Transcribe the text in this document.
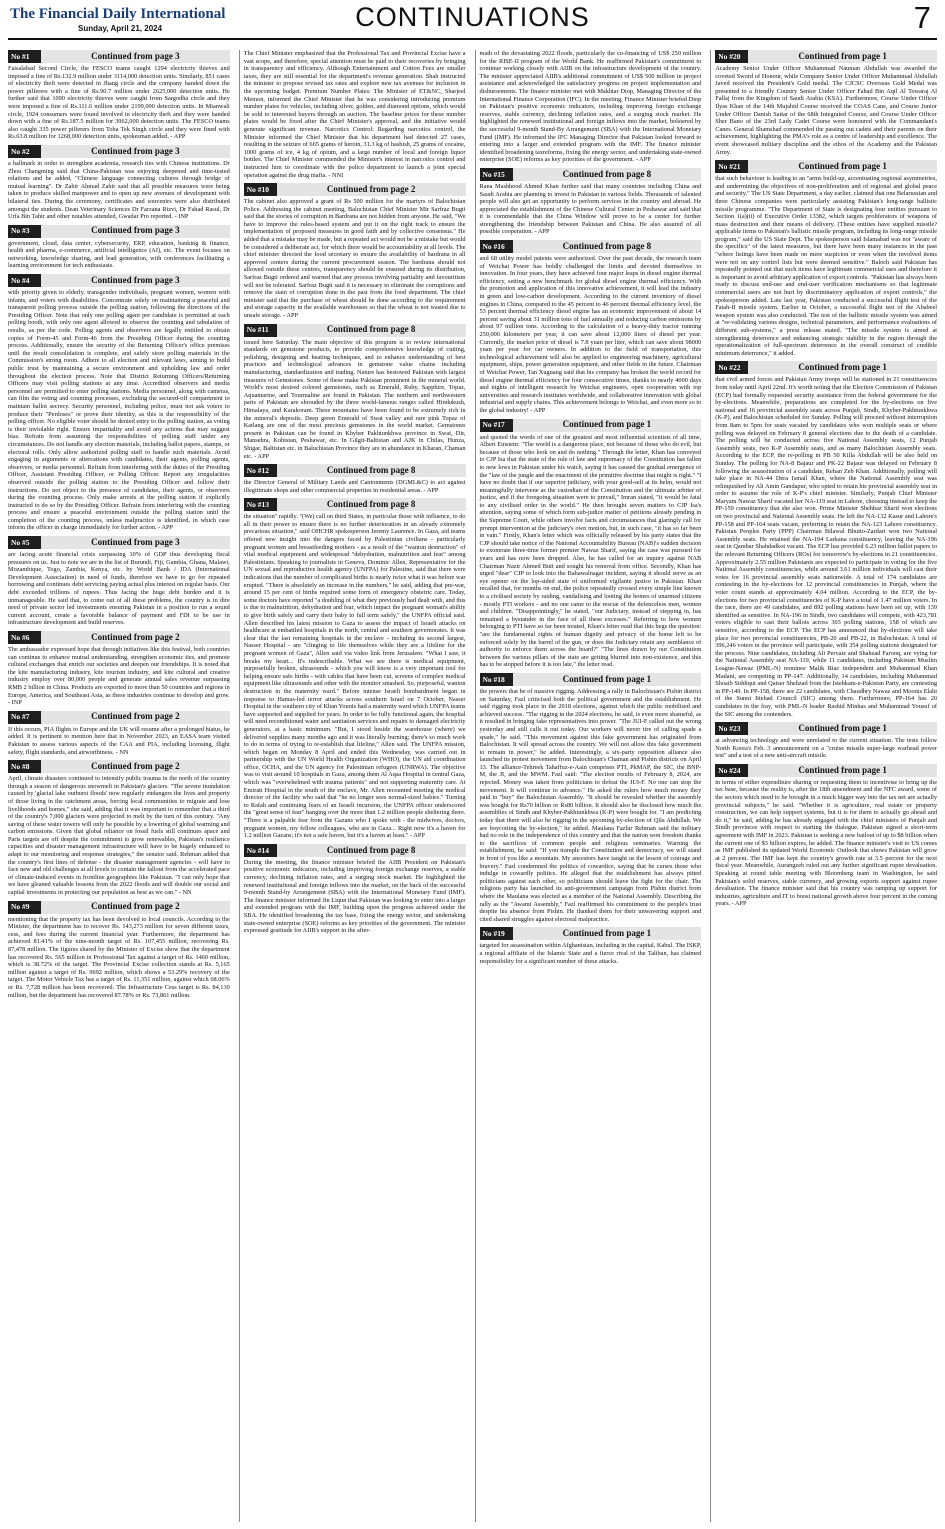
The Financial Daily International
Sunday, April 21, 2024	CONTINUATIONS	7
No #1	Continued from page 3

Faisalabad Second Circle, the FESCO teams caught 1294 electricity thieves and imposed a fine of Rs.132.9 million under 3114,000 detection units. Similarly, 851 cases of electricity theft were detected in Jhang circle and the company handed down the power pilferers with a fine of Rs.90.7 million under 2625,000 detection units. He further said that 1090 electricity thieves were caught from Sargodha circle and they were imposed a fine of Rs.111.6 million under 2199,000 detection units. In Mianwali circle, 1924 consumers were found involved in electricity theft and they were handed down with a fine of Rs.187.5 million for 3962,000 detection units. The FESCO teams also caught 335 power pilferers from Toba Tek Singh circle and they were fined with Rs.63.8 million for 1268,000 detection units, spokesman added. - APP

No #2	Continued from page 3

a hallmark in order to strengthen academia, research ties with Chinese institutions. Dr Zhou Changming said that China-Pakistan was enjoying deepened and time-tested relations and he added, "Chinese language connecting cultures through bridge of mutual learning". Dr Zahir Ahmad Zahir said that all possible measures were being taken to produce skilled manpower and to open up new avenues of development with bilateral ties. During the ceremony, certificates and souvenirs were also distributed amongst the students. Dean Veterinary Sciences Dr Farzana Rizvi, Dr Fahad Rasul, Dr Urfa Bin Tahir and other notables attended, Gwadar Pro reported. - INP

No #3	Continued from page 3

government, cloud, data center, cybersecurity, ERP, education, banking & finance, health and pharma, e-commerce, artificial intelligence (AI), etc. The event focuses on networking, knowledge sharing, and lead generation, with conferences facilitating a learning environment for tech enthusiasts.

No #4	Continued from page 3

with priority given to elderly, transgender individuals, pregnant women, women with infants, and voters with disabilities. Concentrate solely on maintaining a peaceful and transparent polling process outside the polling station, following the directions of the Presiding Officer. Note that only one polling agent per candidate is permitted at each polling booth, with only one agent allowed to observe the counting and tabulation of results, as per the code. Polling agents and observers are legally entitled to obtain copies of Form-45 and Form-46 from the Presiding Officer during the counting process. Additionally, ensure the security of the Returning Officer's office premises until the result consolidation is complete, and safely store polling materials in the Commission's strong room. Adhere to all election and relevant laws, aiming to build public trust by maintaining a secure environment and upholding law and order throughout the election process. Note that District Returning Officers/Returning Officers may visit polling stations at any time. Accredited observers and media personnel are permitted to enter polling stations. Media personnel, along with cameras, can film the voting and counting processes, excluding the secured-off compartment to maintain ballot secrecy. Security personnel, including police, must not ask voters to produce their "Perdoses" or prove their identity, as this is the responsibility of the polling officer. No eligible voter should be denied entry to the polling station, as voting is their inviolable right. Ensure impartiality and avoid any actions that may suggest bias. Refrain from assuming the responsibilities of polling staff under any circumstances. Do not handle any election materials, including ballot papers, stamps, or electoral rolls. Only allow authorized polling staff to handle such materials. Avoid engaging in arguments or altercations with candidates, their agents, polling agents, observers, or media personnel. Refrain from interfering with the duties of the Presiding Officer, Assistant Presiding Officer, or Polling Officer. Report any irregularities observed outside the polling station to the Presiding Officer and follow their instructions. Do not object to the presence of candidates, their agents, or observers during the counting process. Only make arrests at the polling station if explicitly instructed to do so by the Presiding Officer. Refrain from interfering with the counting process and ensure a peaceful environment outside the polling station until the completion of the counting process, unless malpractice is identified, in which case inform the officer in charge immediately for further action. - APP

No #5	Continued from page 3

are facing acute financial crisis surpassing 10% of GDP thus developing fiscal pressures on us. Just to note we are in the list of Burundi, Fiji, Gambia, Ghana, Malawi, Mozambique, Togo, Zambia, Kenya, etc. by World Bank / IDA (International Development Association) in need of funds, therefore we have to go for repeated borrowing and continues debt servicing paying actual plus interest on regular basis. Our debt exceeded trillions of rupees. Thus facing the huge debt burden and it is unmanageable. He said that, to come out of all these problems, the country is in dire need of private sector led investments ensuring Pakistan in a position to run a sound current account, create a favorable balance of payment and FDI to be use in infrastructure development and build reserves.

No #6	Continued from page 2

The ambassador expressed hope that through initiatives like this festival, both countries can continue to enhance mutual understanding, strengthen economic ties, and promote cultural exchanges that enrich our societies and deepen our friendships. It is noted that the kite manufacturing industry, kite tourism industry, and kite cultural and creative industry employ over 80,000 people and generate annual sales revenue surpassing RMB 2 billion in China. Products are exported to more than 50 countries and regions in Europe, America, and Southeast Asia, as these industries continue to develop and grow. - INP

No #7	Continued from page 2

If this occurs, PIA flights to Europe and the UK will resume after a prolonged hiatus, he added. It is pertinent to mention here that in November 2023, an EASA team visited Pakistan to assess various aspects of the CAA and PIA, including licensing, flight safety, flight standards, and airworthiness. - NN

No #8	Continued from page 2

April, climate disasters continued to intensify public trauma in the north of the country through a season of dangerous snowmelt in Pakistan's glaciers. "The severe inundation caused by 'glacial lake outburst floods' now regularly endangers the lives and property of those living in the catchment areas, forcing local communities to migrate and lose livelihoods and homes," she said, adding that it was important to remember that a third of the country's 7,000 glaciers were projected to melt by the turn of this century. "Any saving of these water towers will only be possible by a lowering of global warming and carbon emissions. Given that global reliance on fossil fuels still continues apace and Paris targets are off despite the commitment to grow renewables, Pakistan's resilience capacities and disaster management infrastructure will have to be hugely enhanced to adapt to our monitoring and response strategies," the senator said. Rehman added that the country's first lines of defense - the disaster management agencies - will have to face new and old challenges at all levels to contain the fallout from the accelerated pace of climate-induced events in frontline geographies like Pakistan. "I can only hope that we have gleaned valuable lessons from the 2022 floods and will double our social and capital investments in protecting our population as best as we can." - NN

No #9	Continued from page 2

mentioning that the property tax has been devolved to local councils. According to the Minister, the department has to recover Rs. 143,273 million for seven different taxes, cess, and fees during the current financial year. Furthermore, the department has achieved 81.41% of the nine-month target of Rs. 107,455 million, recovering Rs. 87,478 million. The figures shared by the Minister of Excise show that the department has recovered Rs. 565 million in Professional Tax against a target of Rs. 1460 million, which is 38.72% of the target. The Provincial Excise collection stands at Rs. 5,165 million against a target of Rs. 9692 million, which shows a 53.29% recovery of the target. The Motor Vehicle Tax has a target of Rs. 11,351 million, against which 68.06% or Rs. 7,728 million has been recovered. The Infrastructure Cess target is Rs. 84,130 million, but the department has recovered 87.78% or Rs. 73,861 million.

The Chief Minister emphasized that the Professional Tax and Provincial Excise have a vast scope, and therefore, special attention must be paid to their recoveries by bringing in transparency and efficiency. Although Entertainment and Cotton Fees are smaller taxes, they are still essential for the department's revenue generation. Shah instructed the minister to propose revised tax rates and explore new tax avenues for inclusion in the upcoming budget. Premium Number Plates: The Minister of ET&NC, Sharjeel Memon, informed the Chief Minister that he was considering introducing premium number plates for vehicles, including silver, golden, and diamond options, which would be sold to interested buyers through an auction. The baseline prices for these number plates would be fixed after the Chief Minister's approval, and the initiative would generate significant revenue. Narcotics Control: Regarding narcotics control, the Minister informed the Chief Minister that his department had detected 27 cases, resulting in the seizure of 665 grams of heroin, 31.3 kg of hashish, 25 grams of cocaine, 1000 grams of ice, 4 kg of opium, and a large number of local and foreign liquor bottles. The Chief Minister commended the Minister's interest in narcotics control and instructed him to coordinate with the police department to launch a joint special operation against the drug mafia. - NNI

No #10	Continued from page 2

The cabinet also approved a grant of Rs 500 million for the martyrs of Balochistan Police. Addressing the cabinet meeting, Balochistan Chief Minister Mir Sarfraz Bugti said that the stories of corruption in Bardrana are not hidden from anyone. He said, "We have to improve the rules-based system and put it on the right track to ensure the implementation of proposed measures in good faith and by collective consensus." He added that a mistake may be made, but a repeated act would not be a mistake but would be considered a deliberate act, for which there would be accountability at all levels. The chief minister directed the food secretary to ensure the availability of bardrana in all approved centers during the current procurement season. The bardrana should not allowed outside these centres, transparency should be ensured during its distribution, Sarfraz Bugti ordered and warned that any process involving partiality and favouritism will not be tolerated. Sarfraz Bugti said it is necessary to eliminate the corruptions and remove the stain of corruption done in the past from the food department. The chief minister said that the purchase of wheat should be done according to the requirement and storage capacity in the available warehouses so that the wheat is not wasted due to unsafe storage. - APP

No #11	Continued from page 8

issued here Saturday. The main objective of this program is to review international standards on gemstone products, to provide comprehensive knowledge of cutting, polishing, designing and heating techniques, and to enhance understanding of best practices and technological advances in gemstone value chains including manufacturing, standardization and trading. Nature has bestowed Pakistan with largest treasures of Gemstones. Some of these make Pakistan prominent in the mineral world. World's most desired colored gemstones, such as Emerald, Ruby, Sapphire, Topaz, Aquamarine, and Tourmaline are found in Pakistan. The northern and northwestern parts of Pakistan are shrouded by the three world-famous ranges called Hindukush, Himalaya, and Karakoram. These mountains have been found to be extremely rich in the mineral's deposits. Deep green Emerald of Swat valley and rare pink Topaz of Katlang are one of the most precious gemstones in the world market. Gemstones present in Pakistan can be found in Khyber Pakhtunkhwa province in Swat, Dir, Mansehra, Kohistan, Peshawar, etc. In Gilgit-Baltistan and AJK in Chilas, Hunza, Shigar, Baltistan etc. in Baluchistan Province they are in abundance in Kharan, Chaman etc. - APP

No #12	Continued from page 8

the Director General of Military Lands and Cantonments (DGML&C) to act against illegitimate shops and other commercial properties in residential areas. - APP

No #13	Continued from page 8

the situation" rapidly. "(We) call on third States, in particular those with influence, to do all in their power to ensure there is no further deterioration in an already extremely precarious situation," said OHCHR spokesperson Jeremy Laurence. In Gaza, aid teams offered new insight into the dangers faced by Palestinian civilians - particularly pregnant women and breastfeeding mothers - as a result of the "wanton destruction" of vital medical equipment and widespread "dehydration, malnutrition and fear" among Palestinians. Speaking to journalists in Geneva, Dominic Allen, Representative for the UN sexual and reproductive health agency (UNFPA) for Palestine, said that there were indications that the number of complicated births is nearly twice what it was before war erupted. "There is absolutely an increase in the numbers," he said, adding that pre-war, around 15 per cent of births required some form of emergency obstetric care. Today, some doctors have reported "a doubling of what they previously had dealt with, and this is due to malnutrition, dehydration and fear, which impact the pregnant woman's ability to give birth safely and carry their baby to full term safely," the UNFPA official said. Allen described his latest mission to Gaza to assess the impact of Israeli attacks on healthcare at embattled hospitals in the north, central and southern governorates. It was clear that the last remaining hospitals in the enclave - including its second largest, Nasser Hospital - are "clinging to life themselves while they are a lifeline for the pregnant women of Gaza", Allen said via video link from Jerusalem. "What I saw, it breaks my heart... It's indescribable. What we see there is medical equipment, purposefully broken, ultrasounds - which you will know is a very important tool for helping ensure safe births - with cables that have been cut, screens of complex medical equipment like ultrasounds and other with the monitor smashed. So, purposeful, wanton destruction in the maternity ward." Before intense Israeli bombardment began in response to Hamas-led terror attacks across southern Israel on 7 October, Nasser Hospital in the southern city of Khan Younis had a maternity ward which UNFPA teams have supported and supplied for years. In order to be fully functional again, the hospital will need reconditioned water and sanitation services and repairs to damaged electricity generators, at a basic minimum. "But, I stood beside the warehouse (where) we delivered supplies many months ago and it was literally burning; there's so much work to do in terms of trying to re-establish that lifeline," Allen said. The UNFPA mission, which began on Monday 8 April and ended this Wednesday, was carried out in partnership with the UN World Health Organization (WHO), the UN aid coordination office, OCHA, and the UN agency for Palestinian refugees (UNRWA). The objective was to visit around 10 hospitals in Gaza, among them Al Aqsa Hospital in central Gaza, which was "overwhelmed with trauma patients" and not supporting maternity care. At Emirati Hospital in the south of the enclave, Mr. Allen recounted meeting the medical director of the facility who said that "he no longer sees normal-sized babies." Turning to Rafah and continuing fears of an Israeli incursion, the UNFPA officer underscored the "great sense of fear" hanging over the more than 1.2 million people sheltering there. "There is a palpable fear from the Gazans who I spoke with - the midwives, doctors, pregnant women, my fellow colleagues, who are in Gaza... Right now it's a haven for 1.2 million Gazans; it's not a safe haven, but it's a haven at least." - APP

No #14	Continued from page 8

During the meeting, the finance minister briefed the AIIB President on Pakistan's positive economic indicators, including improving foreign exchange reserves, a stable currency, declining inflation rates, and a surging stock market. He highlighted the renewed institutional and foreign inflows into the market, on the back of the successful 9-month Stand-by Arrangement (SBA) with the International Monetary Fund (IMF). The finance minister informed Jin Liqun that Pakistan was looking to enter into a larger and extended program with the IMF, building upon the progress achieved under the SBA. He identified broadening the tax base, fixing the energy sector, and undertaking state-owned enterprise (SOE) reforms as key priorities of the government. The minister expressed gratitude for AIIB's support in the after-

math of the devastating 2022 floods, particularly the co-financing of US$ 250 million for the RISE-II program of the World Bank. He reaffirmed Pakistan's commitment to continue working closely with AIIB on the infrastructure development of the country. The minister appreciated AIIB's additional commitment of US$ 500 million in project assistance and acknowledged the satisfactory progress on project implementation and disbursements. The finance minister met with Makhtar Diop, Managing Director of the International Finance Corporation (IFC). In the meeting, Finance Minister briefed Diop on Pakistan's positive economic indicators, including improving foreign exchange reserves, stable currency, declining inflation rates, and a surging stock market. He highlighted the renewed institutional and foreign inflows into the market, bolstered by the successful 9-month Stand-By Arrangement (SBA) with the International Monetary Fund (IMF). He informed the IFC Managing Director that Pakistan looked forward to entering into a larger and extended program with the IMF. The finance minister identified broadening taxreforms, fixing the energy sector, and undertaking state-owned enterprise (SOE) reforms as key priorities of the government. - APP

No #15	Continued from page 8

Rana Mashhood Ahmed Khan further said that many countries including China and Saudi Arabia are planning to invest in Pakistan in various fields. Thousands of talented people will also get an opportunity to perform services in the country and abroad. He appreciated the establishment of the Chinese Cultural Center in Peshawar and said that it is commendable that the China Window will prove to be a center for further strengthening the friendship between Pakistan and China. He also assured of all possible cooperation. - APP

No #16	Continued from page 8

and 68 utility model patents were authorized. Over the past decade, the research team of Weichai Power has boldly challenged the limits and devoted themselves to innovation. In four years, they have achieved four major leaps in diesel engine thermal efficiency, setting a new benchmark for global diesel engine thermal efficiency. With the promotion and application of this innovative achievement, it will lead the industry in green and low-carbon development. According to the current inventory of diesel engines in China, compared to the 45 percent to 46 percent thermal efficiency level, the 53 percent thermal efficiency diesel engine has an economic improvement of about 14 percent saving about 31 million tons of fuel annually and reducing carbon emissions by about 97 million tons. According to the calculation of a heavy-duty tractor running 250,000 kilometers per year, it can save about 12,000 liters of diesel per year. Currently, the market price of diesel is 7.8 yuan per liter, which can save about 98000 yuan per year for car owners. In addition to the field of transportation, this technological achievement will also be applied to engineering machinery, agricultural equipment, ships, power generation equipment, and other fields in the future. Chairman of Weichai Power, Tan Xuguang said that his company has broken the world record for diesel engine thermal efficiency for four consecutive times, thanks to nearly 4000 days and nights of intelligent research by Weichai engineers, open cooperation with top universities and research institutes worldwide, and collaborative innovation with global industrial and supply chains. This achievement belongs to Weichai, and even more so to the global industry! - APP

No #17	Continued from page 1

and quoted the words of one of the greatest and most influential scientists of all time, Albert Einstein: "The world is a dangerous place, not because of those who do evil, but because of those who look on and do nothing." Through the letter, Khan has conveyed to CJP Isa that the state of the rule of law and supremacy of the Constitution has fallen to new lows in Pakistan under his watch, saying it has caused the gradual emergence of the "law of the jungle and the enactment of the primitive doctrine that might is right." "I have no doubt that if our superior judiciary, with your good-self at its helm, would not meaningfully intervene as the custodian of the Constitution and the ultimate arbiter of justice, and if the foregoing situation were to prevail," Imran stated, "it would be fatal to any civilised order in the world." He then brought seven matters to CJP Isa's attention, saying some of which form sub-judice matter of petitions already pending in the Supreme Court, while others involve facts and circumstances that glaringly call for prompt intervention at the judiciary's own motion, but, in such case, "it has so far been in vain." Firstly, Khan's letter which was officially released by his party states that the CJP should take notice of the National Accountability Bureau (NAB)'s sudden decision to exonerate three-time former premier Nawaz Sharif, saying the case was pursued for years and has now been dropped. Also, he has called for an inquiry against NAB Chairman Nazir Ahmed Butt and sought his removal from office. Secondly, Khan has urged "dear" CJP to look into the Bahawalnagar incident, saying it should serve as an eye opener on the lop-sided state of uniformed vigilante justice in Pakistan. Khan recalled that, for months on end, the police repeatedly crossed every simple line known to a civilised society by raiding, vandalising and looting the homes of unarmed citizens - mostly PTI workers - and no one came to the rescue of the defenceless men, women and children. "Disappointingly," he stated, "our Judiciary, instead of stepping in, has remained a bystander in the face of all these excesses." Referring to how women belonging to PTI have so far been treated, Khan's letter read that this begs the question: "are the fundamental rights of human dignity and privacy of the home left to be enforced solely by the barrel of the gun, or does the Judiciary retain any semblance of authority to enforce them across the board?" "The lines drawn by our Constitution between the various pillars of the state are getting blurred into non-existence, and this has to be stopped before it is too late," the letter read.

No #18	Continued from page 1

the powers that be of massive rigging. Addressing a rally in Balochistan's Pishin district on Saturday, Fazl criticised both the political government and the establishment. He said rigging took place in the 2018 elections, against which the public mobilised and achieved success. "The rigging in the 2024 elections, he said, is even more shameful, as it resulted in bringing fake representatives into power. "The JUI-F called out the wrong yesterday and still calls it out today. Our workers will never tire of calling spade a spade," he said. "This movement against this fake government has originated from Balochistan. It will spread across the country. We will not allow this fake government to remain in power," he added. Interestingly, a six-party opposition alliance also launched its protest movement from Balochistan's Chaman and Pishin districts on April 13. The alliance-Tehreek Tahaffuz-e-Aain comprises PTI, PkMAP, the SIC, the BNP-M, the JI, and the MWM. Fazl said: "The election results of February 8, 2024, are rejected. Money was taken from politicians to defeat the JUI-F. No one can stop the movement. It will continue to advance." He asked the rulers how much money they paid to "buy" the Balochistan Assembly. "It should be revealed whether the assembly was bought for Rs70 billion or Rs80 billion. It should also be disclosed how much the assemblies of Sindh and Khyber-Pakhtunkhwa (K-P) were bought for. "I am predicting today that there will also be rigging in the upcoming by-election of Qila Abdullah. We are boycotting the by-election," he added. Maulana Fazlur Rehman said the military had no role in the independence of this country and that the nation won freedom thanks to the sacrifices of common people and religious seminaries. Warning the establishment, he said: "If you trample the Constitution and democracy, we will stand in front of you like a mountain. My ancestors have taught us the lesson of courage and bravery." Fazl condemned the politics of cowardice, saying that he curses those who indulge in cowardly politics. He alleged that the establishment has always pitted politicians against each other, so politicians should leave the fight for the chair. The religious party has launched its anti-government campaign from Pishin district from where the Maulana was elected as a member of the National Assembly. Describing the rally as the "Awami Assembly," Fazl reaffirmed his commitment to the people's trust despite his absence from Pishin. He thanked them for their unwavering support and cited shared struggles against electoral malpractice.

No #19	Continued from page 1

targeted for assassination within Afghanistan, including in the capital, Kabul. The ISKP, a regional affiliate of the Islamic State and a fierce rival of the Taliban, has claimed responsibility for a significant number of these attacks.

No #20	Continued from page 1

Academy Senior Under Officer Muhammad Nauman Abdullah was awarded the coveted Sword of Honour, while Company Senior Under Officer Muhammad Abdullah Javed received the President's Gold medal. The CJCSC Overseas Gold Medal was presented to a friendly Country Senior Under Officer Fahad Bin Aqil Al Towaraj Al Fallaj from the Kingdom of Saudi Arabia (KSA). Furthermore, Course Under Officer Ilyas Khan of the 14th Mujahid Course received the COAS Cane, and Course Junior Under Officer Danish Sattar of the 68th Integrated Course, and Course Under Officer Sher Bano of the 23rd Lady Cadet Course were honoured with the Commandant's Canes. General Shamshad commended the passing out cadets and their parents on their achievement, highlighting the PMA's role as a centre of leadership and excellence. The event showcased military discipline and the ethos of the Academy and the Pakistan Army.

No #21	Continued from page 1

that such behaviour is leading to an "arms build-up, accentuating regional asymmetries, and undermining the objectives of non-proliferation and of regional and global peace and security." The US State Department, a day earlier, claimed that one Belarussian and three Chinese companies were particularly assisting Pakistan's long-range ballistic missile programme. "The Department of State is designating four entities pursuant to Section 1(a)(ii) of Executive Order 13382, which targets proliferators of weapons of mass destruction and their means of delivery. (These entities have supplied missile?applicable items to Pakistan's ballistic missile program, including its long-range missile program," said the US State Dept. The spokesperson said Islamabad was not "aware of the specifics" of the latest measures, but there have been many instances in the past "where listings have been made on mere suspicion or even when the involved items were not on any control lists but were deemed sensitive." Baloch said Pakistan has repeatedly pointed out that such items have legitimate commercial uses and therefore it is important to avoid arbitrary application of export controls. "Pakistan has always been ready to discuss end-use and end-user verification mechanisms so that legitimate commercial users are not hurt by discriminatory application of export controls," the spokesperson added. Late last year, Pakistan conducted a successful flight test of the Fatah-II missile system. Earlier in October, a successful flight test of the Ababeel weapon system was also conducted. The test of the ballistic missile system was aimed at "re-validating various designs, technical parameters, and performance evaluations of different sub-systems," a press release stated. "The missile system is aimed at strengthening deterrence and enhancing strategic stability in the region through the operationalization of full-spectrum deterrence in the overall construct of credible minimum deterrence," it added.

No #22	Continued from page 1

that civil armed forces and Pakistan Army troops will be stationed in 21 constituencies from today until April 22nd. It's worth noting that the Election Commission of Pakistan (ECP) had formally requested security assistance from the federal government for the by-elections. Meanwhile, preparations are completed for the by-elections on five national and 16 provincial assembly seats across Punjab, Sindh, Khyber-Pakhtunkhwa (K-P), and Balochistan scheduled for Sunday. Polling will proceed without interruption from 8am to 5pm for seats vacated by candidates who won multiple seats or where polling was delayed on February 8 general elections due to the death of a candidate. The polling will be conducted across five National Assembly seats, 12 Punjab Assembly seats, two K-P Assembly seats, and as many Balochistan Assembly seats. According to the ECP, the re-polling in PB 50 Killa Abdullah will be also held on Sunday. The polling for NA-8 Bajaur and PK-22 Bajaur was delayed on February 8 following the assassination of a candidate, Rehan Zeb Khan. Additionally, polling will take place in NA-44 Dera Ismail Khan, where the National Assembly seat was relinquished by Ali Amin Gandapur, who opted to retain his provincial assembly seat in order to assume the role of K-P's chief minister. Similarly, Punjab Chief Minister Maryam Nawaz Sharif vacated her NA-119 seat in Lahore, choosing instead to keep the PP-159 constituency that she also won. Prime Minister Shehbaz Sharif won elections on two provincial and National Assembly seats. He left the NA-132 Kasur and Lahore's PP-158 and PP-164 seats vacant, preferring to retain the NA-123 Lahore constituency. Pakistan Peoples Party (PPP) Chairman Bilawal Bhutto-Zardari won two National Assembly seats. He retained the NA-194 Larkana constituency, leaving the NA-196 seat in Qambar Shahdadkot vacant. The ECP has provided 6.23 million ballot papers to the relevant Returning Officers (ROs) for tomorrow's by-elections in 21 constituencies. Approximately 2.55 million Pakistanis are expected to participate in voting for the five National Assembly constituencies, while around 3.61 million individuals will cast their votes for 16 provincial assembly seats nationwide. A total of 174 candidates are contesting in the by-elections for 12 provincial constituencies in Punjab, where the voter count stands at approximately 4.04 million. According to the ECP, the by-elections for two provincial constituencies of K-P have a total of 1.47 million voters. In the race, there are 49 candidates, and 892 polling stations have been set up, with 139 identified as sensitive. In NA-196 in Sindh, two candidates will compete, with 423,781 voters eligible to cast their ballots across 303 polling stations, 158 of which are sensitive, according to the ECP. The ECP has announced that by-elections will take place for two provincial constituencies, PB-20 and PB-22, in Balochistan. A total of 396,246 voters in the province will participate, with 354 polling stations designated for the process. Nine candidates, including Ali Pervaiz and Shahzad Farooq, are vying for the National Assembly seat NA-119, while 11 candidates, including Pakistan Muslim League-Nawaz (PML-N) nominee Malik Riaz independent and Muhammad Khan Madani, are competing in PP-147. Additionally, 14 candidates, including Muhammad Shoaib Siddiqui and Qaiser Shehzad from the Istehkam-e-Pakistan Party, are contesting in PP-149. In PP-158, there are 22 candidates, with Chaudhry Nawaz and Moonis Elahi of the Sunni Ittehad Council (SIC) among them. Furthermore, PP-164 has 20 candidates in the fray, with PML-N leader Rashid Minhas and Muhammad Yousuf of the SIC among the contenders.

No #23	Continued from page 1

at advancing technology and were unrelated to the current situation. The tests follow North Korea's Feb. 3 announcement on a "cruise missile super-large warhead power test" and a test of a new anti-aircraft missile.

No #24	Continued from page 1

in terms of either expenditure sharing or requesting them to incentivise to bring up the tax base, because the reality is, after the 18th amendment and the NFC award, some of the sectors which need to be brought in a much bigger way into the tax net are actually provincial subjects," he said. "Whether it is agriculture, real estate or property construction, we can help support systems, but it is for them to actually go ahead and do it," he said, adding he has already engaged with the chief ministers of Punjab and Sindh provinces with respect to starting the dialogue. Pakistan signed a short-term agreement with IMF in 2023. Pakistan is seeking a new bailout of up to $8 billion when the current one of $3 billion expires, he added. The finance minister's visit to US comes as IMF published its updated World Economic Outlook that shows Pakistan will grow at 2 percent. The IMF has kept the country's growth rate at 3.5 percent for the next fiscal year. Meanwhile, Aurangzeb ruled out any further significant rupee devaluation. Speaking at round table meeting with Bloomberg team in Washington, he said Pakistan's solid reserves, stable currency, and growing exports support against rupee devaluation. The finance minister said that his country was ramping up support for industries, agriculture and IT to boost national growth above four percent in the coming years. - APP
